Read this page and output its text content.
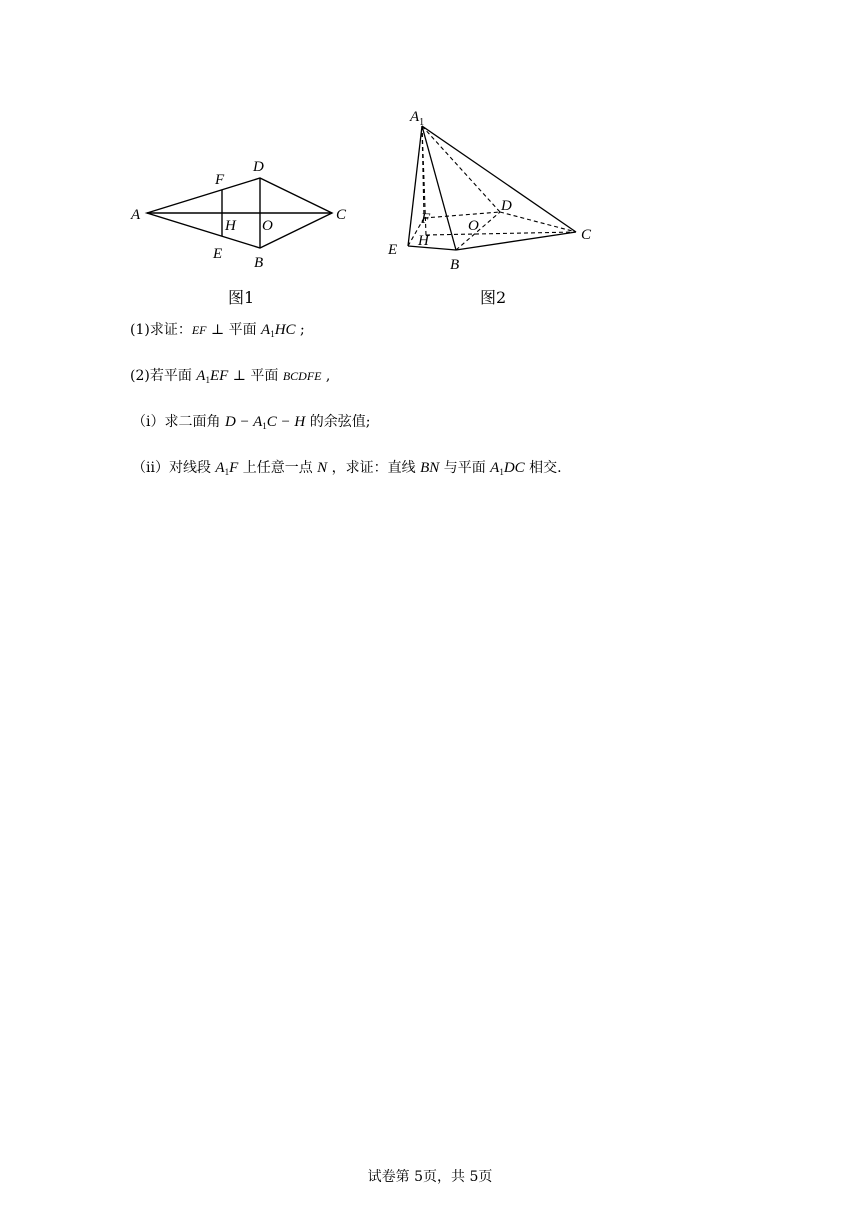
A	C
D
B
F
E
H O
图1
$A_1$
E
B
C
D
F
H
O
图2
(1)求证：EF ⊥ 平面 $A_1HC$ ;
(2)若平面 $A_1EF$ ⊥ 平面 BCDFE ,
（i）求二面角 $D - A_1C - H$ 的余弦值;
（ii）对线段 $A_1F$ 上任意一点 N ，求证：直线 BN 与平面 $A_1DC$ 相交.
试卷第 5页，共 5页
